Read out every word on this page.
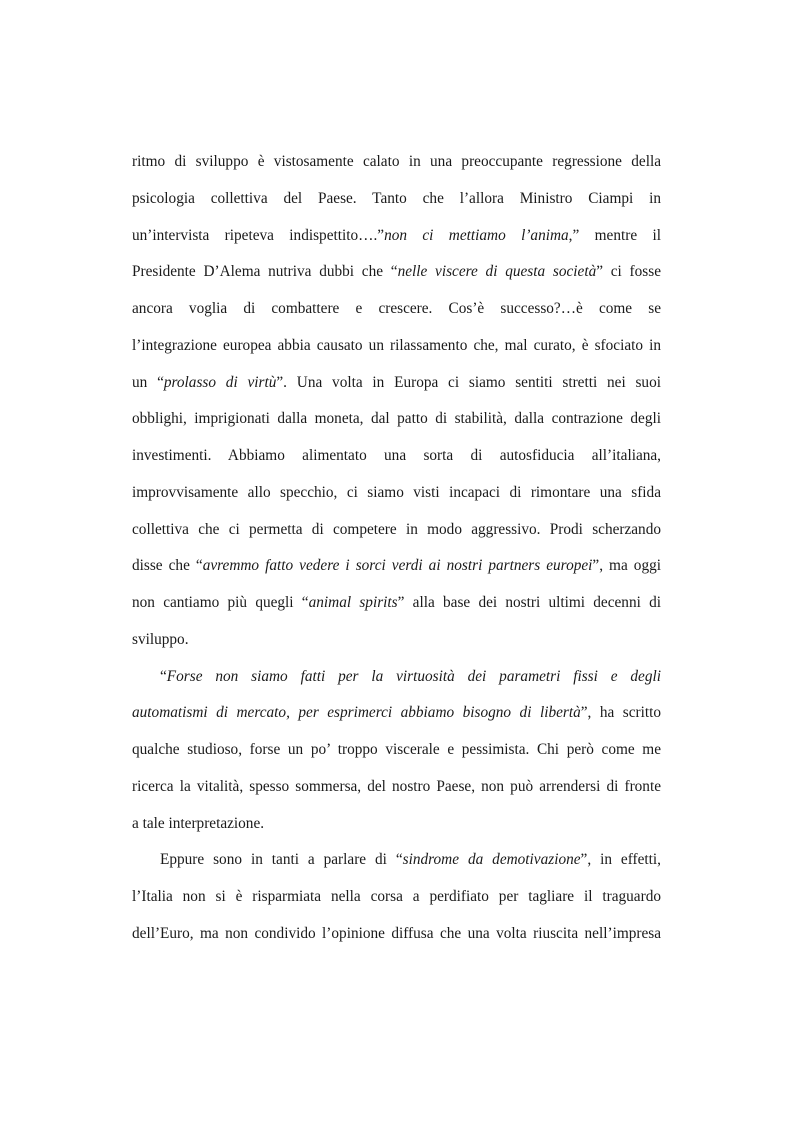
ritmo di sviluppo è vistosamente calato in una preoccupante regressione della
psicologia collettiva del Paese. Tanto che l’allora Ministro Ciampi in
un’intervista ripeteva indispettito….”non ci mettiamo l’anima,” mentre il
Presidente D’Alema nutriva dubbi che “nelle viscere di questa società” ci fosse
ancora voglia di combattere e crescere. Cos’è successo?…è come se
l’integrazione europea abbia causato un rilassamento che, mal curato, è sfociato in
un “prolasso di virtù”. Una volta in Europa ci siamo sentiti stretti nei suoi
obblighi, imprigionati dalla moneta, dal patto di stabilità, dalla contrazione degli
investimenti. Abbiamo alimentato una sorta di autosfiducia all’italiana,
improvvisamente allo specchio, ci siamo visti incapaci di rimontare una sfida
collettiva che ci permetta di competere in modo aggressivo. Prodi scherzando
disse che “avremmo fatto vedere i sorci verdi ai nostri partners europei”, ma oggi
non cantiamo più quegli “animal spirits” alla base dei nostri ultimi decenni di
sviluppo.
“Forse non siamo fatti per la virtuosità dei parametri fissi e degli
automatismi di mercato, per esprimerci abbiamo bisogno di libertà”, ha scritto
qualche studioso, forse un po’ troppo viscerale e pessimista. Chi però come me
ricerca la vitalità, spesso sommersa, del nostro Paese, non può arrendersi di fronte
a tale interpretazione.
Eppure sono in tanti a parlare di “sindrome da demotivazione”, in effetti,
l’Italia non si è risparmiata nella corsa a perdifiato per tagliare il traguardo
dell’Euro, ma non condivido l’opinione diffusa che una volta riuscita nell’impresa
